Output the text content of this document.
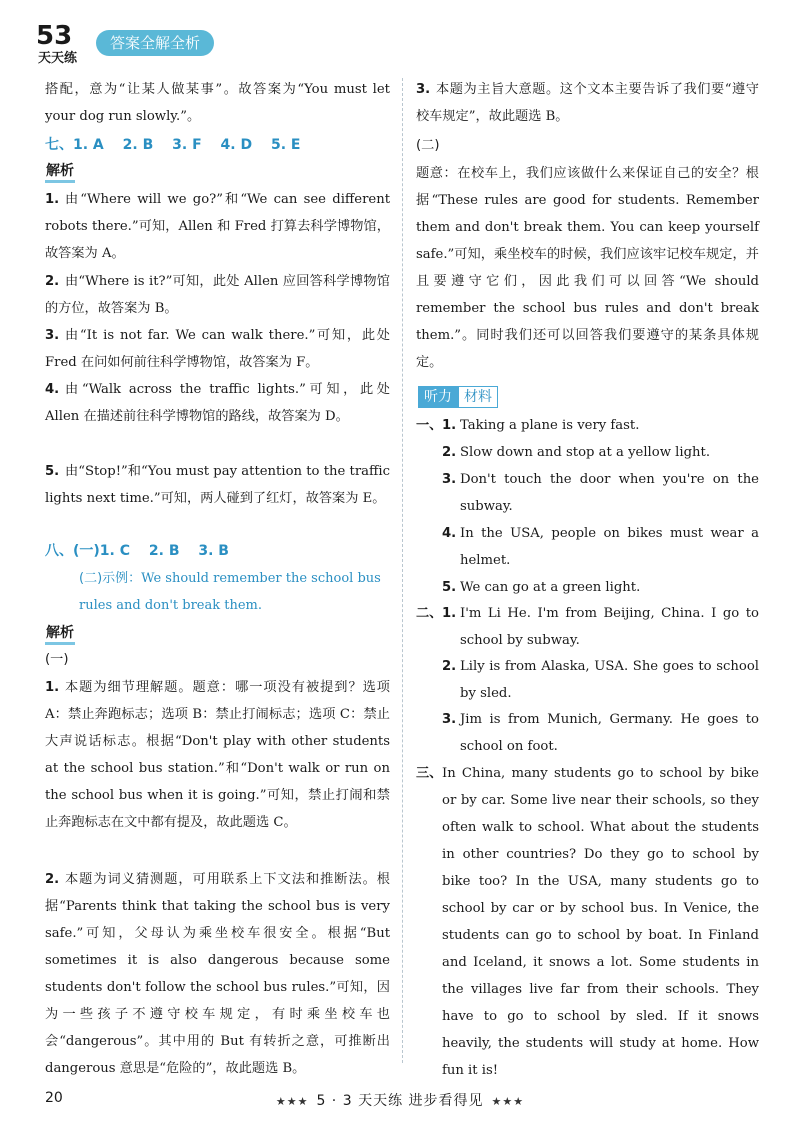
53
天天练
答案全解全析
搭配，意为“让某人做某事”。故答案为“You must let your dog run slowly.”。
七、1. A 2. B 3. F 4. D 5. E
解析
1. 由“Where will we go?”和“We can see different robots there.”可知，Allen 和 Fred 打算去科学博物馆，故答案为 A。
2. 由“Where is it?”可知，此处 Allen 应回答科学博物馆的方位，故答案为 B。
3. 由“It is not far. We can walk there.”可知，此处 Fred 在问如何前往科学博物馆，故答案为 F。
4. 由“Walk across the traffic lights.”可知，此处 Allen 在描述前往科学博物馆的路线，故答案为 D。
5. 由“Stop!”和“You must pay attention to the traffic lights next time.”可知，两人碰到了红灯，故答案为 E。
八、(一)1. C 2. B 3. B
(二)示例：We should remember the school bus rules and don't break them.
解析
(一)
1. 本题为细节理解题。题意：哪一项没有被提到？选项 A：禁止奔跑标志；选项 B：禁止打闹标志；选项 C：禁止大声说话标志。根据“Don't play with other students at the school bus station.”和“Don't walk or run on the school bus when it is going.”可知，禁止打闹和禁止奔跑标志在文中都有提及，故此题选 C。
2. 本题为词义猜测题，可用联系上下文法和推断法。根据“Parents think that taking the school bus is very safe.”可知，父母认为乘坐校车很安全。根据“But sometimes it is also dangerous because some students don't follow the school bus rules.”可知，因为一些孩子不遵守校车规定，有时乘坐校车也会“dangerous”。其中用的 But 有转折之意，可推断出 dangerous 意思是“危险的”，故此题选 B。
3. 本题为主旨大意题。这个文本主要告诉了我们要“遵守校车规定”，故此题选 B。
(二)
题意：在校车上，我们应该做什么来保证自己的安全？根据“These rules are good for students. Remember them and don't break them. You can keep yourself safe.”可知，乘坐校车的时候，我们应该牢记校车规定，并且要遵守它们，因此我们可以回答“We should remember the school bus rules and don't break them.”。同时我们还可以回答我们要遵守的某条具体规定。
听力 材料
一、 1. Taking a plane is very fast.
2. Slow down and stop at a yellow light.
3. Don't touch the door when you're on the subway.
4. In the USA, people on bikes must wear a helmet.
5. We can go at a green light.
二、 1. I'm Li He. I'm from Beijing, China. I go to school by subway.
2. Lily is from Alaska, USA. She goes to school by sled.
3. Jim is from Munich, Germany. He goes to school on foot.
三、 In China, many students go to school by bike or by car. Some live near their schools, so they often walk to school. What about the students in other countries? Do they go to school by bike too? In the USA, many students go to school by car or by school bus. In Venice, the students can go to school by boat. In Finland and Iceland, it snows a lot. Some students in the villages live far from their schools. They have to go to school by sled. If it snows heavily, the students will study at home. How fun it is!
20	★★★ 5 · 3 天天练 进步看得见 ★★★
